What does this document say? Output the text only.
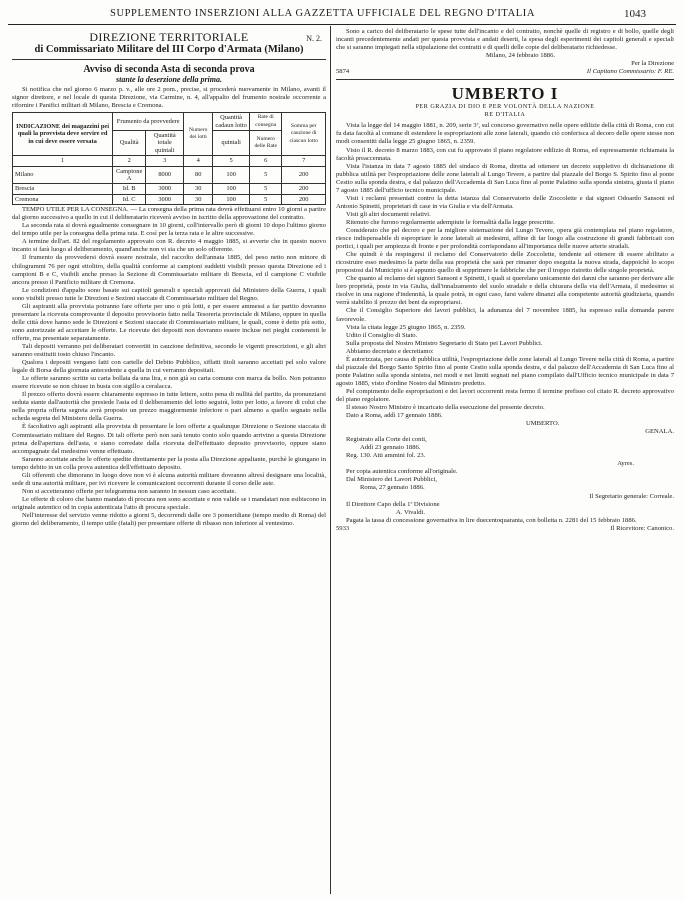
SUPPLEMENTO INSERZIONI ALLA GAZZETTA UFFICIALE DEL REGNO D'ITALIA	1043
N. 2.

DIREZIONE TERRITORIALE

di Commissariato Militare del III Corpo d'Armata (Milano)

Avviso di seconda Asta di seconda prova

stante la deserzione della prima.

Si notifica che nel giorno 6 marzo p. v., alle ore 2 pom., precise, si procederà nuovamente in Milano, avanti il signor direttore, e nel locale di questa Direzione, via Carmine, n. 4, all'appalto del frumento nostrale occorrente a rifornire i Panifici militari di Milano, Brescia e Cremona.

INDICAZIONE dei magazzini pei quali la provvista deve servire ed in cui deve essere versata	Frumento da provvedere		Numero dei lotti	Quantità cadaun lotto	Rate di consegna	Somma per cauzione di ciascun lotto
	Qualità	Quantità totale quintali		quintali	Numero delle Rate	
1	2	3	4	5	6	7
Milano	Campione A	8000	80	100	5	200
Brescia	Id. B	3000	30	100	5	200
Cremona	Id. C	3000	30	100	5	200

TEMPO UTILE PER LA CONSEGNA. — La consegna della prima rata dovrà effettuarsi entro 10 giorni a partire dal giorno successivo a quello in cui il deliberatario riceverà avviso in iscritto della approvazione del contratto.

La seconda rata si dovrà egualmente consegnare in 10 giorni, coll'intervallo però di giorni 10 dopo l'ultimo giorno del tempo utile per la consegna della prima rata. E così per la terza rata e le altre successive.

A termine dell'art. 82 del regolamento approvato con R. decreto 4 maggio 1885, si avverte che in questo nuovo incanto si farà luogo al deliberamento, quand'anche non vi sia che un solo offerente.

Il frumento da provvedersi dovrà essere nostrale, del raccolto dell'annata 1885, del peso netto non minore di chilogrammi 76 per ogni ettolitro, della qualità conforme ai campioni suddetti visibili presso questa Direzione ed i campioni B e C, visibili anche presso la Sezione di Commissariato militare di Brescia, ed il campione C visibile ancora presso il Panificio militare di Cremona.

Le condizioni d'appalto sono basate sui capitoli generali e speciali approvati dal Ministero della Guerra, i quali sono visibili presso tutte le Direzioni e Sezioni staccate di Commissariato militare del Regno.

Gli aspiranti alla provvista potranno fare offerte per uno o più lotti, e per essere ammessi a far partito dovranno presentare la ricevuta comprovante il deposito provvisorio fatto nella Tesoreria provinciale di Milano, oppure in quella delle città dove hanno sede le Direzioni e Sezioni staccate di Commissariato militare, le quali, come è detto più sotto, sono autorizzate ad accettare le offerte. Le ricevute dei depositi non dovranno essere incluse nei pieghi contenenti le offerte, ma presentate separatamente.

Tali depositi verranno pei deliberatari convertiti in cauzione definitiva, secondo le vigenti prescrizioni, e gli altri saranno restituiti tosto chiuso l'incanto.

Qualora i depositi vengano fatti con cartelle del Debito Pubblico, siffatti titoli saranno accettati pel solo valore legale di Borsa della giornata antecedente a quella in cui verranno depositati.

Le offerte saranno scritte su carta bollata da una lira, e non già su carta comune con marca da bollo. Non potranno essere ricevute se non chiuse in busta con sigillo a ceralacca.

Il prezzo offerto dovrà essere chiaramente espresso in tutte lettere, sotto pena di nullità del partito, da pronunziarsi seduta stante dall'autorità che presiede l'asta ed il deliberamento del lotto seguirà, lotto per lotto, a favore di colui che nella propria offerta segreta avrà proposto un prezzo maggiormente inferiore o pari almeno a quello segnato nella scheda segreta del Ministero della Guerra.

È facoltativo agli aspiranti alla provvista di presentare le loro offerte a qualunque Direzione o Sezione staccata di Commissariato militare del Regno. Di tali offerte però non sarà tenuto conto solo quando arrivino a questa Direzione prima dell'apertura dell'asta, e siano corredate dalla ricevuta dell'effettuato deposito provvisorio, oppure siano accompagnate dal medesimo venne effettuato.

Saranno accettate anche le offerte spedite direttamente per la posta alla Direzione appaltante, purchè le giungano in tempo debito in un colla prova autentica dell'effettuato deposito.

Gli offerenti che dimorano in luogo dove non vi è alcuna autorità militare dovranno altresì designare una località, sede di una autorità militare, per ivi ricevere le comunicazioni occorrenti durante il corso delle aste.

Non si accetteranno offerte per telegramma non saranno in nessun caso accettate.

Le offerte di coloro che hanno mandato di procura non sono accettate e non valide se i mandatari non esibiscono in originale autentico od in copia autenticata l'atto di procura speciale.

Nell'interesse del servizio venne ridotto a giorni 5, decorrendi dalle ore 3 pomeridiane (tempo medio di Roma) del giorno del deliberamento, il tempo utile (fatali) per presentare offerte di ribasso non inferiore al ventesimo.

Sono a carico del deliberatario le spese tutte dell'incanto e del contratto, nonchè quelle di registro e di bollo, quelle degli incanti precedentemente andati per questa provvista e andati deserti, la spesa degli esperimenti dei capitoli generali e speciali che si saranno impiegati nella stipulazione dei contratti e di quelli delle copie del deliberatario richiedesse.

Milano, 24 febbraio 1886.

Per la Direzione

5874	Il Capitano Commissario: F. RE.

UMBERTO I

PER GRAZIA DI DIO E PER VOLONTÀ DELLA NAZIONE

RE D'ITALIA

Vista la legge del 14 maggio 1881, n. 209, serie 3ª, sul concorso governativo nelle opere edilizie della città di Roma, con cui fu data facoltà al comune di estendere le espropriazioni alle zone laterali, quando ciò conferisca al decoro delle opere stesse non modi consentiti dalla legge 25 giugno 1865, n. 2359.

Visto il R. decreto 8 marzo 1883, con cui fu approvato il piano regolatore edilizio di Roma, ed espressamente richiamata la facoltà preaccennata.

Vista l'istanza in data 7 agosto 1885 del sindaco di Roma, diretta ad ottenere un decreto suppletivo di dichiarazione di pubblica utilità per l'espropriazione delle zone laterali al Lungo Tevere, a partire dal piazzale del Borgo S. Spirito fino al ponte Cestio sulla sponda destra, e dal palazzo dell'Accademia di San Luca fino al ponte Palatino sulla sponda sinistra, giusta il piano 7 agosto 1885 dell'ufficio tecnico municipale.

Visti i reclami presentati contro la detta istanza dal Conservatorio delle Zoccolette e dai signori Odoardo Sansoni ed Antonio Spinetti, proprietari di case in via Giulia e via dell'Armata.

Visti gli altri documenti relativi.

Ritenuto che furono regolarmente adempiute le formalità dalla legge prescritte.

Considerato che pel decoro e per la migliore sistemazione del Lungo Tevere, opera già contemplata nel piano regolatore, riesce indispensabile di espropriare le zone laterali ai medesimi, affine di far luogo alla costruzione di grandi fabbricati con portici, i quali per ampiezza di fronte e per profondità corrispondano all'importanza delle nuove arterie stradali.

Che quindi è da respingersi il reclamo del Conservatorio delle Zoccolette, tendente ad ottenere di essere abilitato a ricostruire esso medesimo la parte della sua proprietà che sarà per rimaner dopo eseguita la nuova strada, dappoichè lo scopo propostosi dal Municipio si è appunto quello di sopprimere le fabbriche che per il troppo ristretto delle singole proprietà.

Che quanto al reclamo dei signori Sansoni e Spinetti, i quali si querelano unicamente dei danni che saranno per derivare alle loro proprietà, poste in via Giulia, dall'innalzamento del suolo stradale e della chiusura della via dell'Armata, il medesimo si risolve in una ragione d'indennità, la quale potrà, in ogni caso, farsi valere dinanzi alla competente autorità giudiziaria, quando verrà stabilito il prezzo dei beni da espropriarsi.

Che il Consiglio Superiore dei lavori pubblici, la adunanza del 7 novembre 1885, ha espresso sulla domanda parere favorevole.

Vista la citata legge 25 giugno 1865, n. 2359.

Udito il Consiglio di Stato.

Sulla proposta del Nostro Ministro Segretario di Stato pei Lavori Pubblici.

Abbiamo decretato e decretiamo:

È autorizzata, per causa di pubblica utilità, l'espropriazione delle zone laterali al Lungo Tevere nella città di Roma, a partire dal piazzale del Borgo Santo Spirito fino al ponte Cestio sulla sponda destra, e dal palazzo dell'Accademia di San Luca fino al ponte Palatino sulla sponda sinistra, nei modi e nei limiti segnati nel piano compilato dall'Ufficio tecnico municipale in data 7 agosto 1885, visto d'ordine Nostro dal Ministro predetto.

Pel compimento delle espropriazioni e dei lavori occorrenti resta fermo il termine prefisso col citato R. decreto approvativo del piano regolatore.

Il stesso Nostro Ministro è incaricato della esecuzione del presente decreto.

Dato a Roma, addì 17 gennaio 1886.

UMBERTO.

GENALA.

Registrato alla Corte dei conti,

Addì 23 gennaio 1886.

Reg. 130. Atti ammini fol. 23.

Ayres.

Per copia autentica conforme all'originale.

Dal Ministero dei Lavori Pubblici,

Roma, 27 gennaio 1886.

Il Segretario generale: Correale.

Il Direttore Capo della 1ª Divisione

A. Vivaldi.

Pagata la tassa di concessione governativa in lire duecentoquaranta, con bolletta n. 2281 del 15 febbraio 1886.

5933	Il Ricevitore: Canonico.
